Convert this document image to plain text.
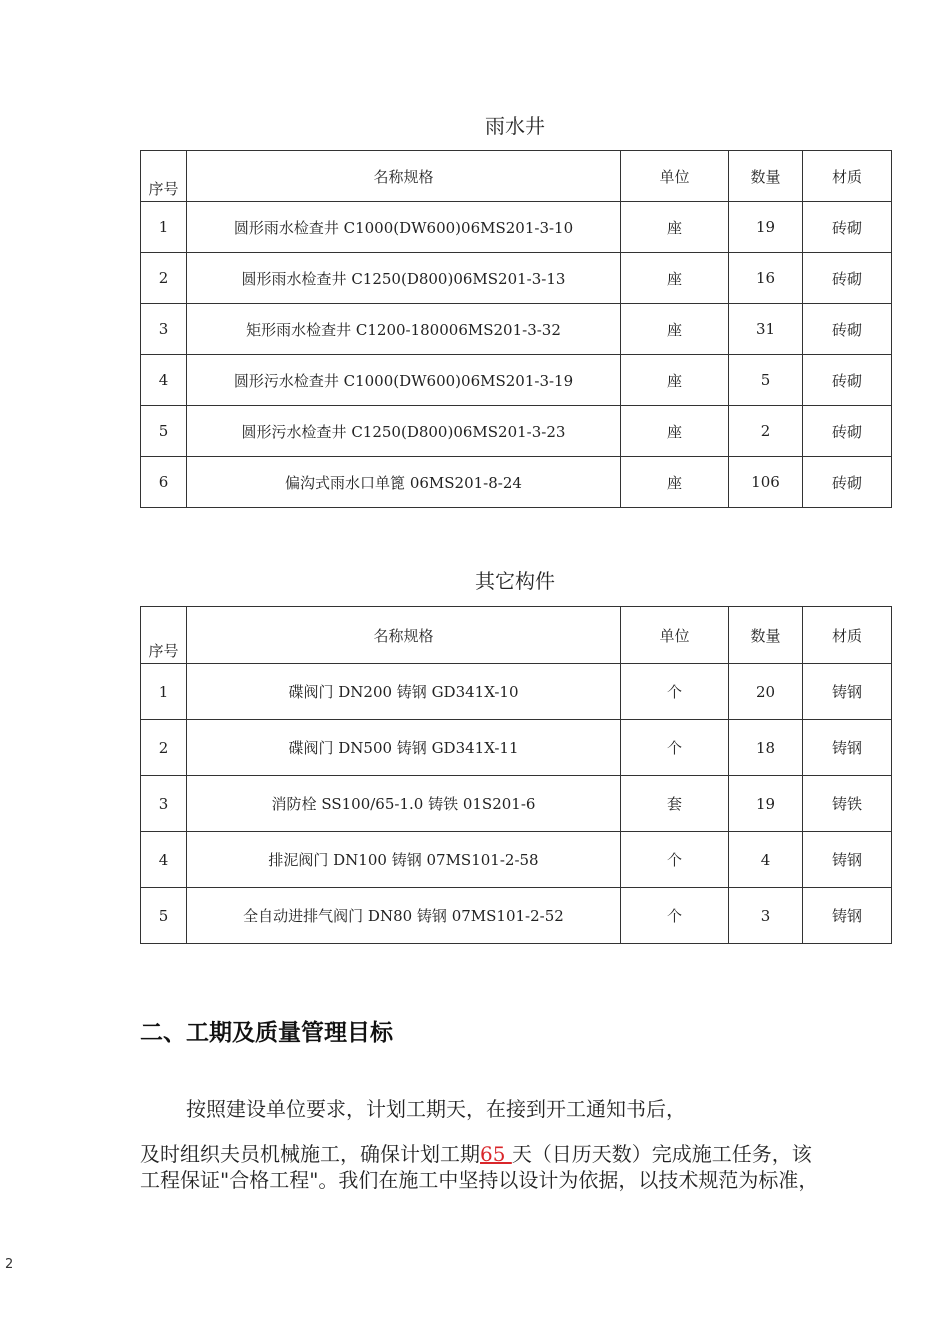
雨水井
序号	名称规格	单位	数量	材质
1	圆形雨水检查井 C1000(DW600)06MS201-3-10	座	19	砖砌
2	圆形雨水检查井 C1250(D800)06MS201-3-13	座	16	砖砌
3	矩形雨水检查井 C1200-180006MS201-3-32	座	31	砖砌
4	圆形污水检查井 C1000(DW600)06MS201-3-19	座	5	砖砌
5	圆形污水检查井 C1250(D800)06MS201-3-23	座	2	砖砌
6	偏沟式雨水口单篦 06MS201-8-24	座	106	砖砌
其它构件
序号	名称规格	单位	数量	材质
1	碟阀门 DN200 铸钢 GD341X-10	个	20	铸钢
2	碟阀门 DN500 铸钢 GD341X-11	个	18	铸钢
3	消防栓 SS100/65-1.0 铸铁 01S201-6	套	19	铸铁
4	排泥阀门 DN100 铸钢 07MS101-2-58	个	4	铸钢
5	全自动进排气阀门 DN80 铸钢 07MS101-2-52	个	3	铸钢
二、工期及质量管理目标
按照建设单位要求，计划工期天，在接到开工通知书后，
及时组织夫员机械施工，确保计划工期65 天（日历天数）完成施工任务，该
工程保证"合格工程"。我们在施工中坚持以设计为依据，以技术规范为标准，
2
